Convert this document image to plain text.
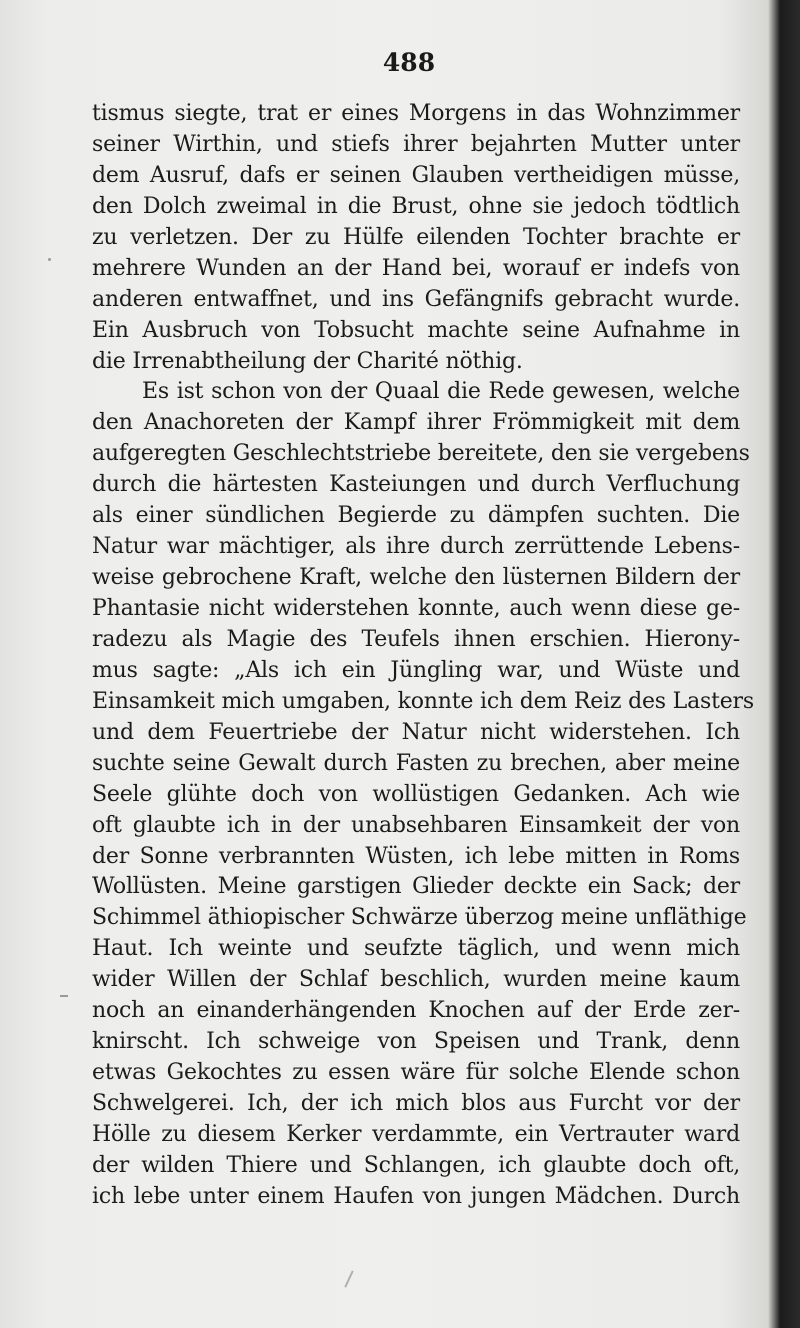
488
tismus siegte, trat er eines Morgens in das Wohnzimmer
seiner Wirthin, und stiefs ihrer bejahrten Mutter unter
dem Ausruf, dafs er seinen Glauben vertheidigen müsse,
den Dolch zweimal in die Brust, ohne sie jedoch tödtlich
zu verletzen. Der zu Hülfe eilenden Tochter brachte er
mehrere Wunden an der Hand bei, worauf er indefs von
anderen entwaffnet, und ins Gefängnifs gebracht wurde.
Ein Ausbruch von Tobsucht machte seine Aufnahme in
die Irrenabtheilung der Charité nöthig.
Es ist schon von der Quaal die Rede gewesen, welche
den Anachoreten der Kampf ihrer Frömmigkeit mit dem
aufgeregten Geschlechtstriebe bereitete, den sie vergebens
durch die härtesten Kasteiungen und durch Verfluchung
als einer sündlichen Begierde zu dämpfen suchten. Die
Natur war mächtiger, als ihre durch zerrüttende Lebens-
weise gebrochene Kraft, welche den lüsternen Bildern der
Phantasie nicht widerstehen konnte, auch wenn diese ge-
radezu als Magie des Teufels ihnen erschien. Hierony-
mus sagte: „Als ich ein Jüngling war, und Wüste und
Einsamkeit mich umgaben, konnte ich dem Reiz des Lasters
und dem Feuertriebe der Natur nicht widerstehen. Ich
suchte seine Gewalt durch Fasten zu brechen, aber meine
Seele glühte doch von wollüstigen Gedanken. Ach wie
oft glaubte ich in der unabsehbaren Einsamkeit der von
der Sonne verbrannten Wüsten, ich lebe mitten in Roms
Wollüsten. Meine garstigen Glieder deckte ein Sack; der
Schimmel äthiopischer Schwärze überzog meine unfläthige
Haut. Ich weinte und seufzte täglich, und wenn mich
wider Willen der Schlaf beschlich, wurden meine kaum
noch an einanderhängenden Knochen auf der Erde zer-
knirscht. Ich schweige von Speisen und Trank, denn
etwas Gekochtes zu essen wäre für solche Elende schon
Schwelgerei. Ich, der ich mich blos aus Furcht vor der
Hölle zu diesem Kerker verdammte, ein Vertrauter ward
der wilden Thiere und Schlangen, ich glaubte doch oft,
ich lebe unter einem Haufen von jungen Mädchen. Durch
